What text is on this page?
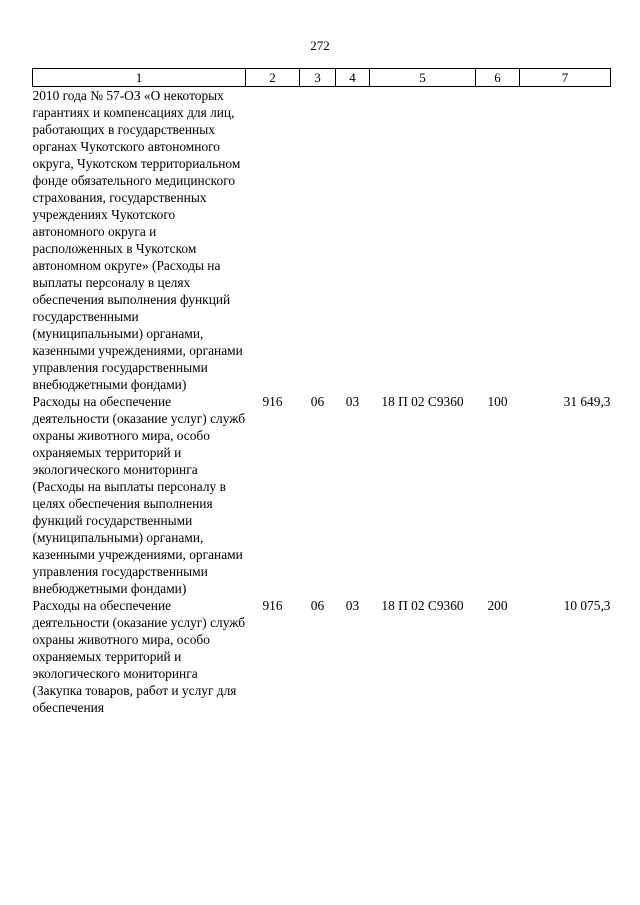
272
1	2	3	4	5	6	7
2010 года № 57-ОЗ «О некоторых гарантиях и компенсациях для лиц, работающих в государственных органах Чукотского автономного округа, Чукотском территориальном фонде обязательного медицинского страхования, государственных учреждениях Чукотского автономного округа и расположенных в Чукотском автономном округе» (Расходы на выплаты персоналу в целях обеспечения выполнения функций государственными (муниципальными) органами, казенными учреждениями, органами управления государственными внебюджетными фондами)						
Расходы на обеспечение деятельности (оказание услуг) служб охраны животного мира, особо охраняемых территорий и экологического мониторинга (Расходы на выплаты персоналу в целях обеспечения выполнения функций государственными (муниципальными) органами, казенными учреждениями, органами управления государственными внебюджетными фондами)	916	06	03	18 П 02 С9360	100	31 649,3
Расходы на обеспечение деятельности (оказание услуг) служб охраны животного мира, особо охраняемых территорий и экологического мониторинга (Закупка товаров, работ и услуг для обеспечения	916	06	03	18 П 02 С9360	200	10 075,3
